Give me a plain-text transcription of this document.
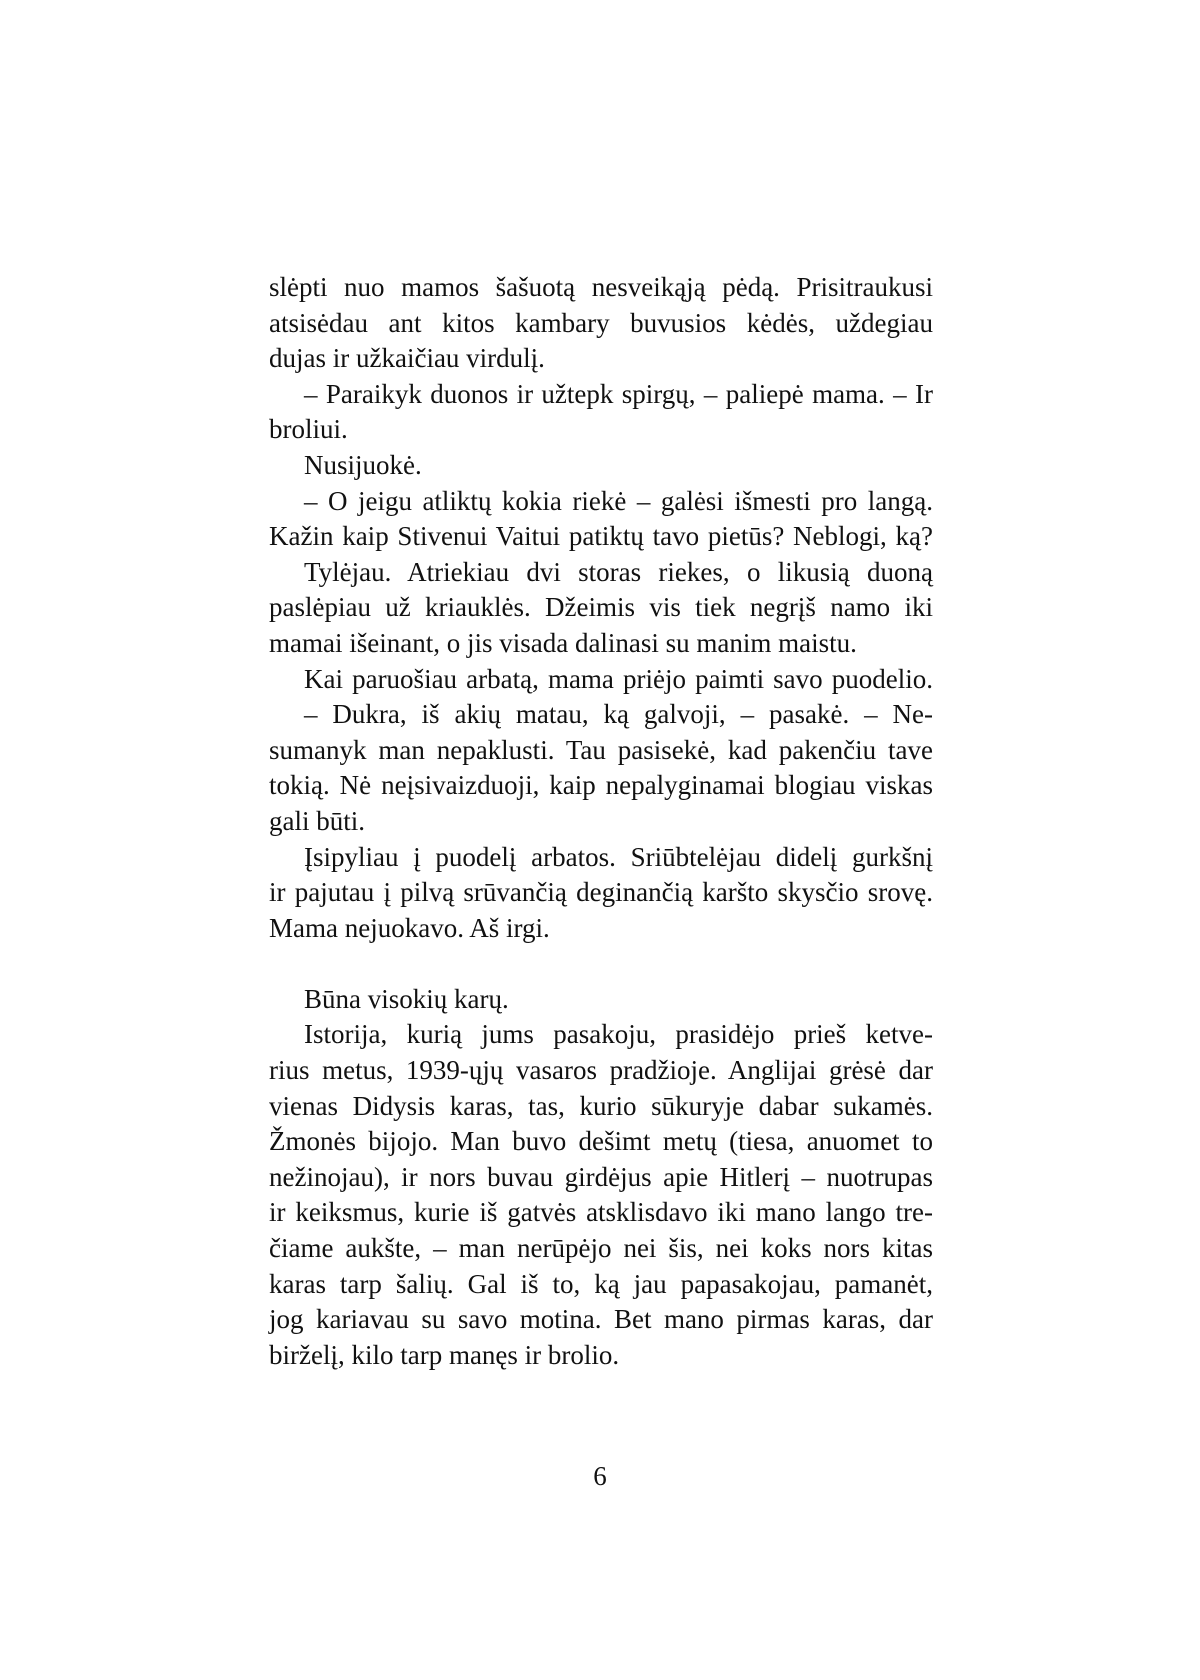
slėpti nuo mamos šašuotą nesveikąją pėdą. Prisitraukusi
atsisėdau ant kitos kambary buvusios kėdės, uždegiau
dujas ir užkaičiau virdulį.
– Paraikyk duonos ir užtepk spirgų, – paliepė mama. – Ir
broliui.
Nusijuokė.
– O jeigu atliktų kokia riekė – galėsi išmesti pro langą.
Kažin kaip Stivenui Vaitui patiktų tavo pietūs? Neblogi, ką?
Tylėjau. Atriekiau dvi storas riekes, o likusią duoną
paslėpiau už kriauklės. Džeimis vis tiek negrįš namo iki
mamai išeinant, o jis visada dalinasi su manim maistu.
Kai paruošiau arbatą, mama priėjo paimti savo puodelio.
– Dukra, iš akių matau, ką galvoji, – pasakė. – Ne-
sumanyk man nepaklusti. Tau pasisekė, kad pakenčiu tave
tokią. Nė neįsivaizduoji, kaip nepalyginamai blogiau viskas
gali būti.
Įsipyliau į puodelį arbatos. Sriūbtelėjau didelį gurkšnį
ir pajutau į pilvą srūvančią deginančią karšto skysčio srovę.
Mama nejuokavo. Aš irgi.
Būna visokių karų.
Istorija, kurią jums pasakoju, prasidėjo prieš ketve-
rius metus, 1939-ųjų vasaros pradžioje. Anglijai grėsė dar
vienas Didysis karas, tas, kurio sūkuryje dabar sukamės.
Žmonės bijojo. Man buvo dešimt metų (tiesa, anuomet to
nežinojau), ir nors buvau girdėjus apie Hitlerį – nuotrupas
ir keiksmus, kurie iš gatvės atsklisdavo iki mano lango tre-
čiame aukšte, – man nerūpėjo nei šis, nei koks nors kitas
karas tarp šalių. Gal iš to, ką jau papasakojau, pamanėt,
jog kariavau su savo motina. Bet mano pirmas karas, dar
birželį, kilo tarp manęs ir brolio.
6
